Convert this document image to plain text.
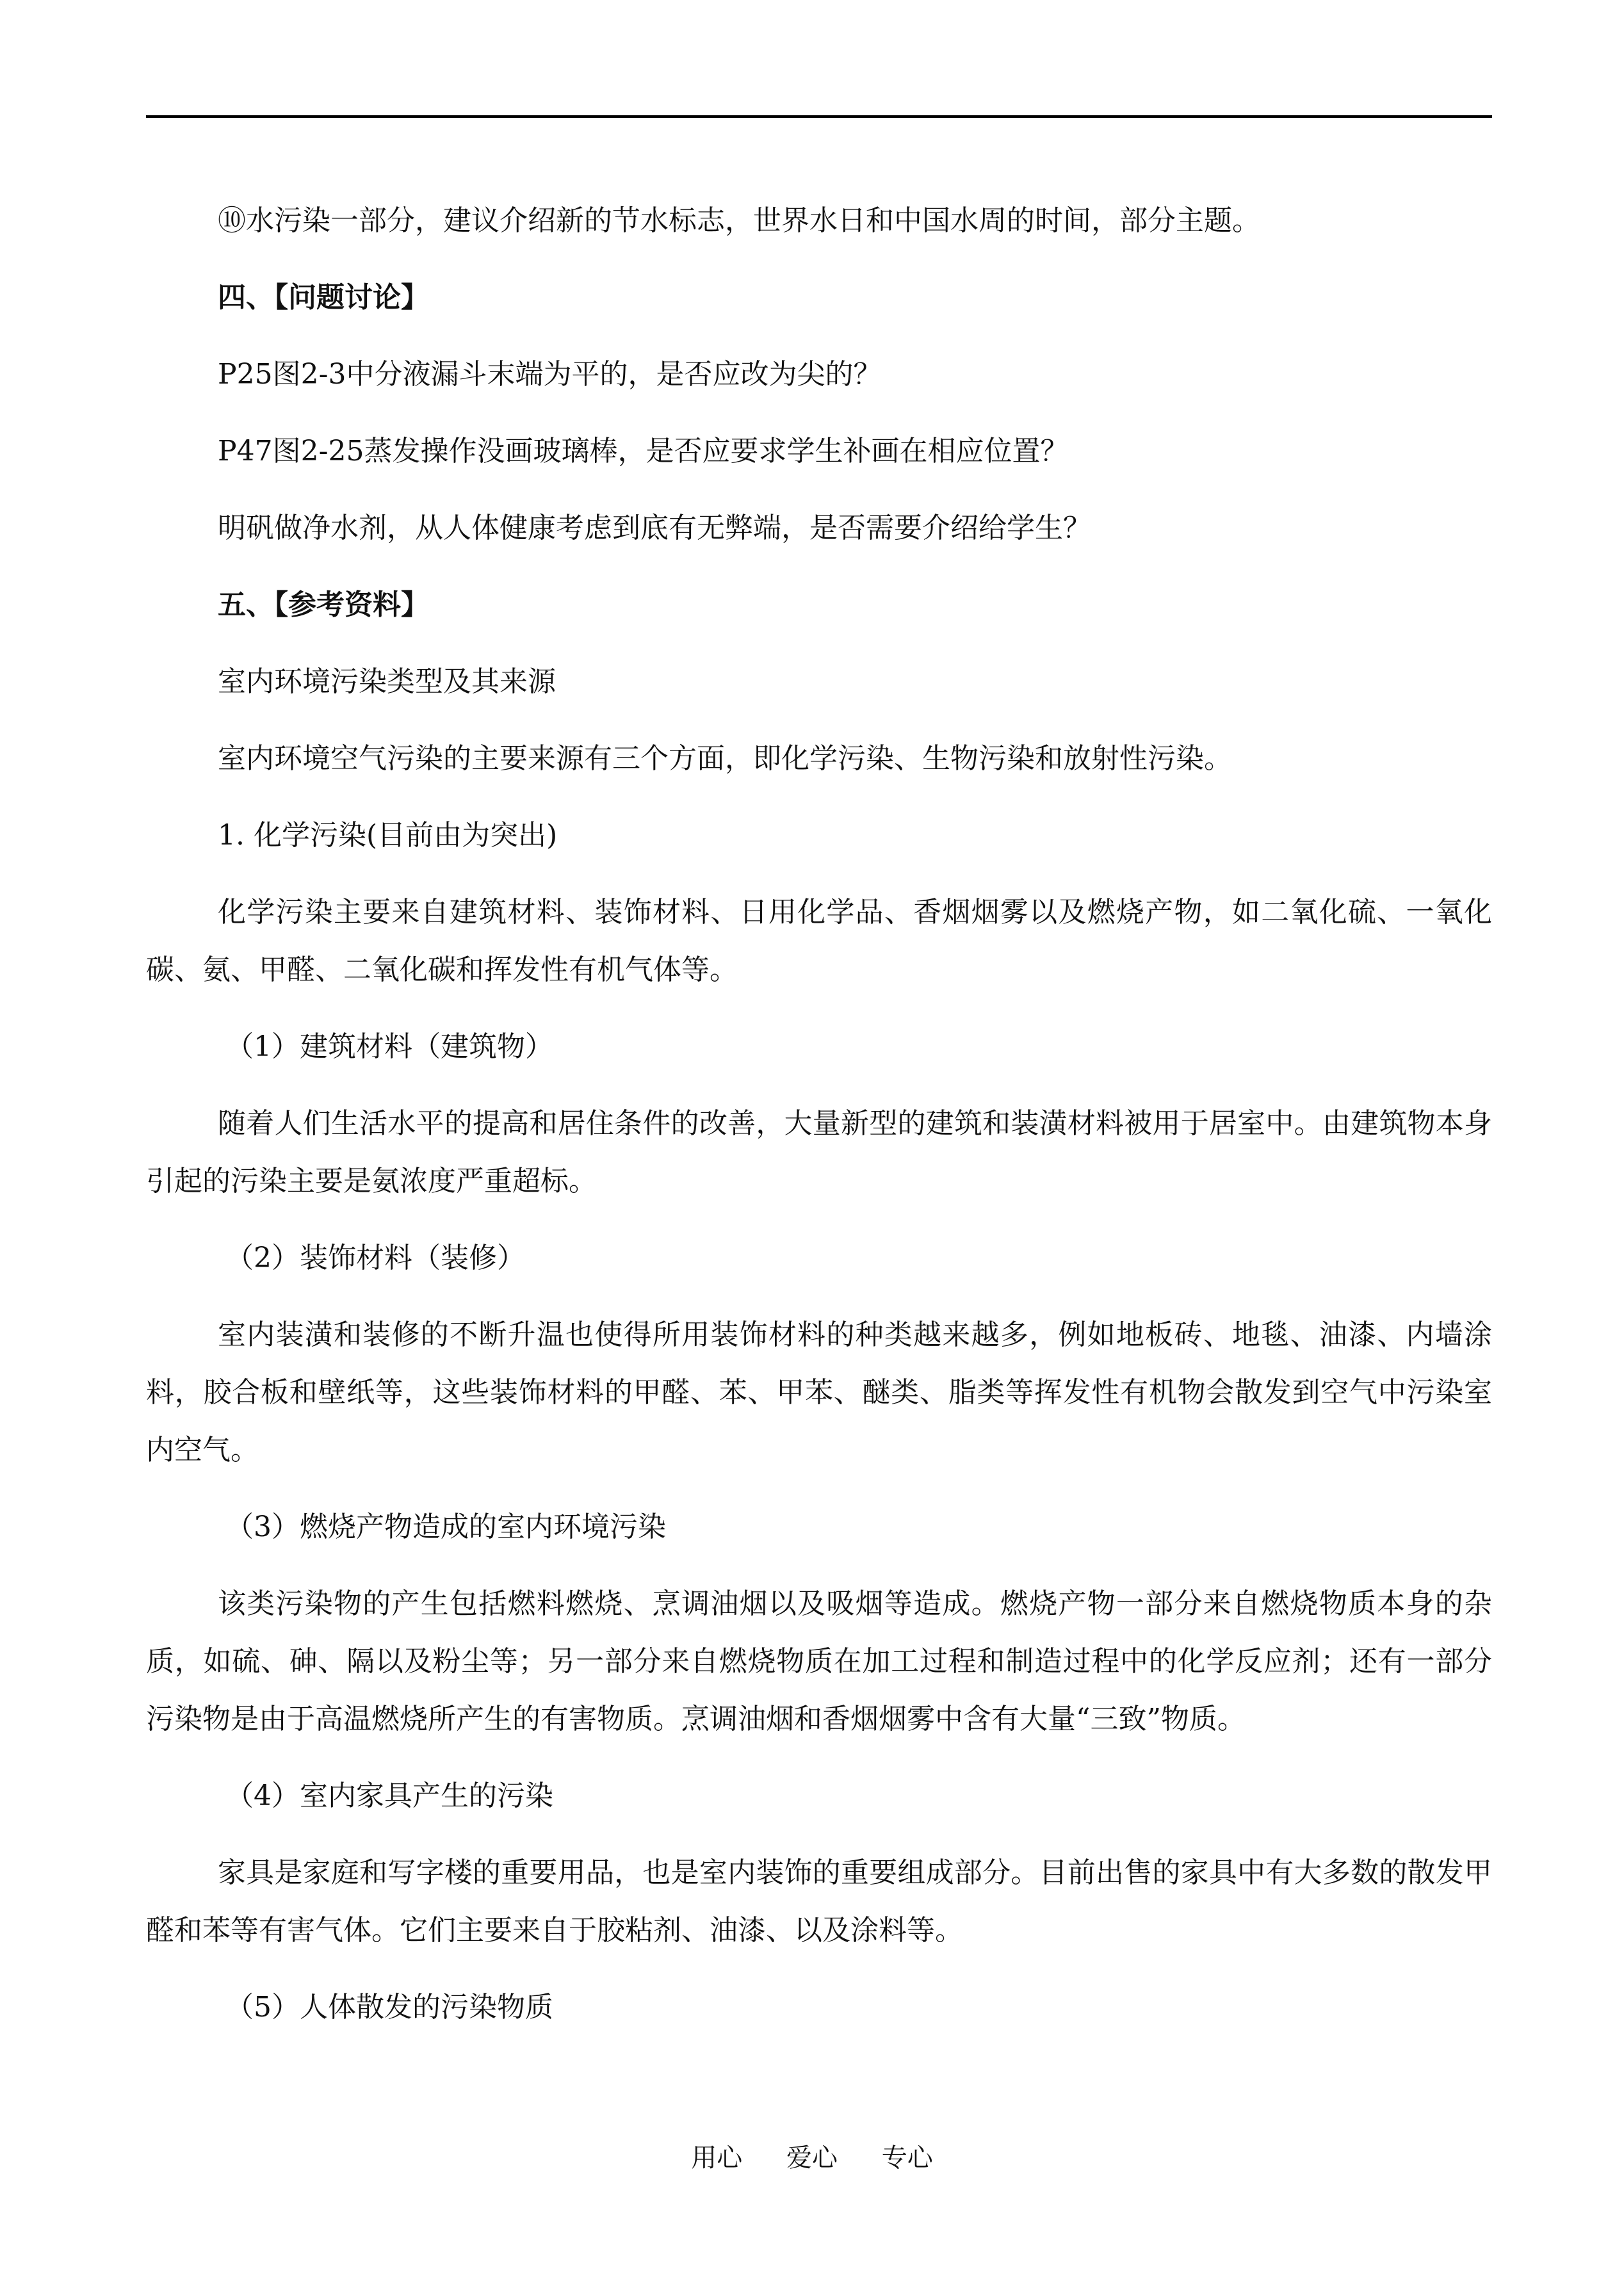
⑩水污染一部分，建议介绍新的节水标志，世界水日和中国水周的时间，部分主题。

四、【问题讨论】

P25图2-3中分液漏斗末端为平的，是否应改为尖的？

P47图2-25蒸发操作没画玻璃棒，是否应要求学生补画在相应位置？

明矾做净水剂，从人体健康考虑到底有无弊端，是否需要介绍给学生？

五、【参考资料】

室内环境污染类型及其来源

室内环境空气污染的主要来源有三个方面，即化学污染、生物污染和放射性污染。

1. 化学污染(目前由为突出)

化学污染主要来自建筑材料、装饰材料、日用化学品、香烟烟雾以及燃烧产物，如二氧化硫、一氧化碳、氨、甲醛、二氧化碳和挥发性有机气体等。

（1）建筑材料（建筑物）

随着人们生活水平的提高和居住条件的改善，大量新型的建筑和装潢材料被用于居室中。由建筑物本身引起的污染主要是氨浓度严重超标。

（2）装饰材料（装修）

室内装潢和装修的不断升温也使得所用装饰材料的种类越来越多，例如地板砖、地毯、油漆、内墙涂料，胶合板和壁纸等，这些装饰材料的甲醛、苯、甲苯、醚类、脂类等挥发性有机物会散发到空气中污染室内空气。

（3）燃烧产物造成的室内环境污染

该类污染物的产生包括燃料燃烧、烹调油烟以及吸烟等造成。燃烧产物一部分来自燃烧物质本身的杂质，如硫、砷、隔以及粉尘等；另一部分来自燃烧物质在加工过程和制造过程中的化学反应剂；还有一部分污染物是由于高温燃烧所产生的有害物质。烹调油烟和香烟烟雾中含有大量“三致”物质。

（4）室内家具产生的污染

家具是家庭和写字楼的重要用品，也是室内装饰的重要组成部分。目前出售的家具中有大多数的散发甲醛和苯等有害气体。它们主要来自于胶粘剂、油漆、以及涂料等。

（5）人体散发的污染物质

用心 爱心 专心
